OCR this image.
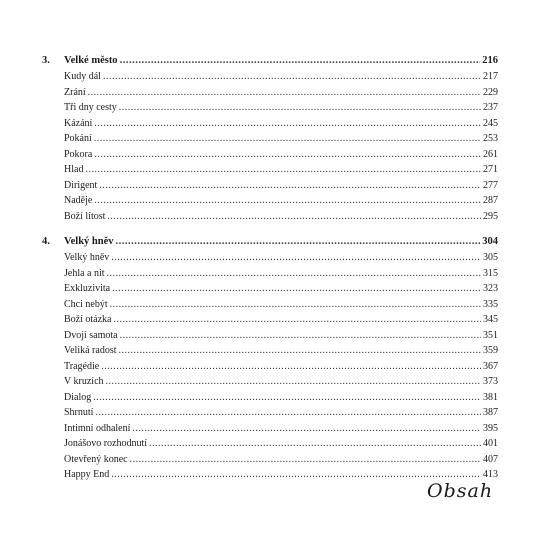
3.	Velké město .....	216
Kudy dál .....	217
Zrání .....	229
Tři dny cesty .....	237
Kázání .....	245
Pokání .....	253
Pokora .....	261
Hlad .....	271
Dirigent .....	277
Naděje .....	287
Boží lítost .....	295
4.	Velký hněv .....	304
Velký hněv .....	305
Jehla a nit .....	315
Exkluzivita .....	323
Chci nebýt .....	335
Boží otázka .....	345
Dvojí samota .....	351
Veliká radost .....	359
Tragédie .....	367
V kruzích .....	373
Dialog .....	381
Shrnutí .....	387
Intimní odhalení .....	395
Jonášovo rozhodnutí .....	401
Otevřený konec .....	407
Happy End .....	413
Obsah
